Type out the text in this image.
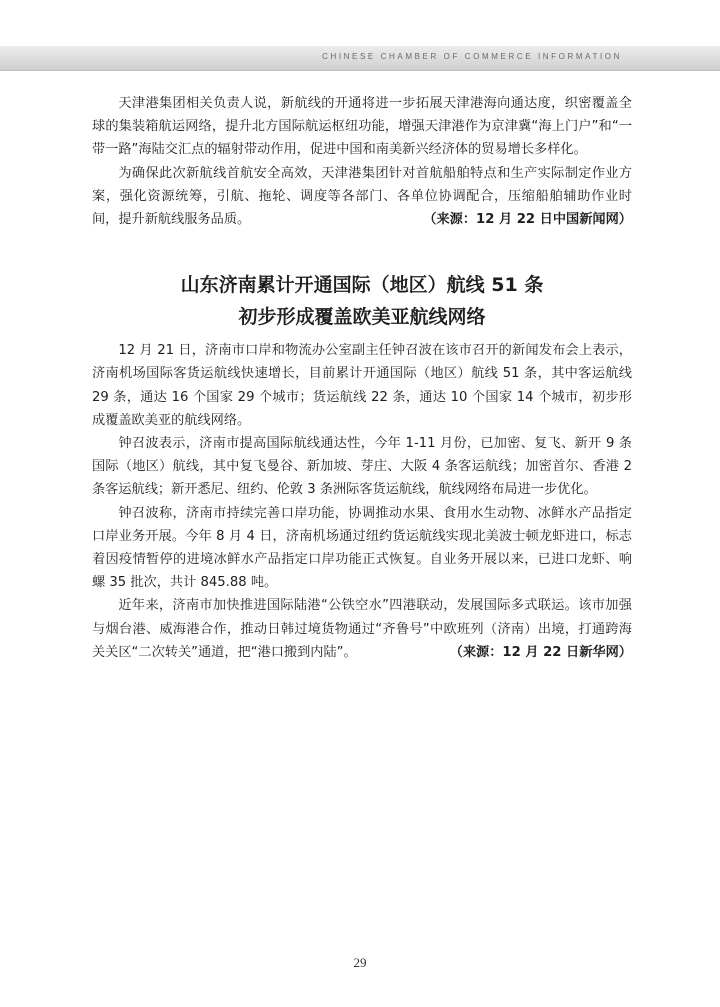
CHINESE CHAMBER OF COMMERCE INFORMATION

天津港集团相关负责人说，新航线的开通将进一步拓展天津港海向通达度，织密覆盖全球的集装箱航运网络，提升北方国际航运枢纽功能，增强天津港作为京津冀“海上门户”和“一带一路”海陆交汇点的辐射带动作用，促进中国和南美新兴经济体的贸易增长多样化。

为确保此次新航线首航安全高效，天津港集团针对首航船舶特点和生产实际制定作业方案，强化资源统筹，引航、拖轮、调度等各部门、各单位协调配合，压缩船舶辅助作业时间，提升新航线服务品质。	（来源：12 月 22 日中国新闻网）

山东济南累计开通国际（地区）航线 51 条
初步形成覆盖欧美亚航线网络

12 月 21 日，济南市口岸和物流办公室副主任钟召波在该市召开的新闻发布会上表示，济南机场国际客货运航线快速增长，目前累计开通国际（地区）航线 51 条，其中客运航线 29 条，通达 16 个国家 29 个城市；货运航线 22 条，通达 10 个国家 14 个城市，初步形成覆盖欧美亚的航线网络。

钟召波表示，济南市提高国际航线通达性，今年 1-11 月份，已加密、复飞、新开 9 条国际（地区）航线，其中复飞曼谷、新加坡、芽庄、大阪 4 条客运航线；加密首尔、香港 2 条客运航线；新开悉尼、纽约、伦敦 3 条洲际客货运航线，航线网络布局进一步优化。

钟召波称，济南市持续完善口岸功能，协调推动水果、食用水生动物、冰鲜水产品指定口岸业务开展。今年 8 月 4 日，济南机场通过纽约货运航线实现北美波士顿龙虾进口，标志着因疫情暂停的进境冰鲜水产品指定口岸功能正式恢复。自业务开展以来，已进口龙虾、响螺 35 批次，共计 845.88 吨。

近年来，济南市加快推进国际陆港“公铁空水”四港联动，发展国际多式联运。该市加强与烟台港、威海港合作，推动日韩过境货物通过“齐鲁号”中欧班列（济南）出境，打通跨海关关区“二次转关”通道，把“港口搬到内陆”。	（来源：12 月 22 日新华网）

29
